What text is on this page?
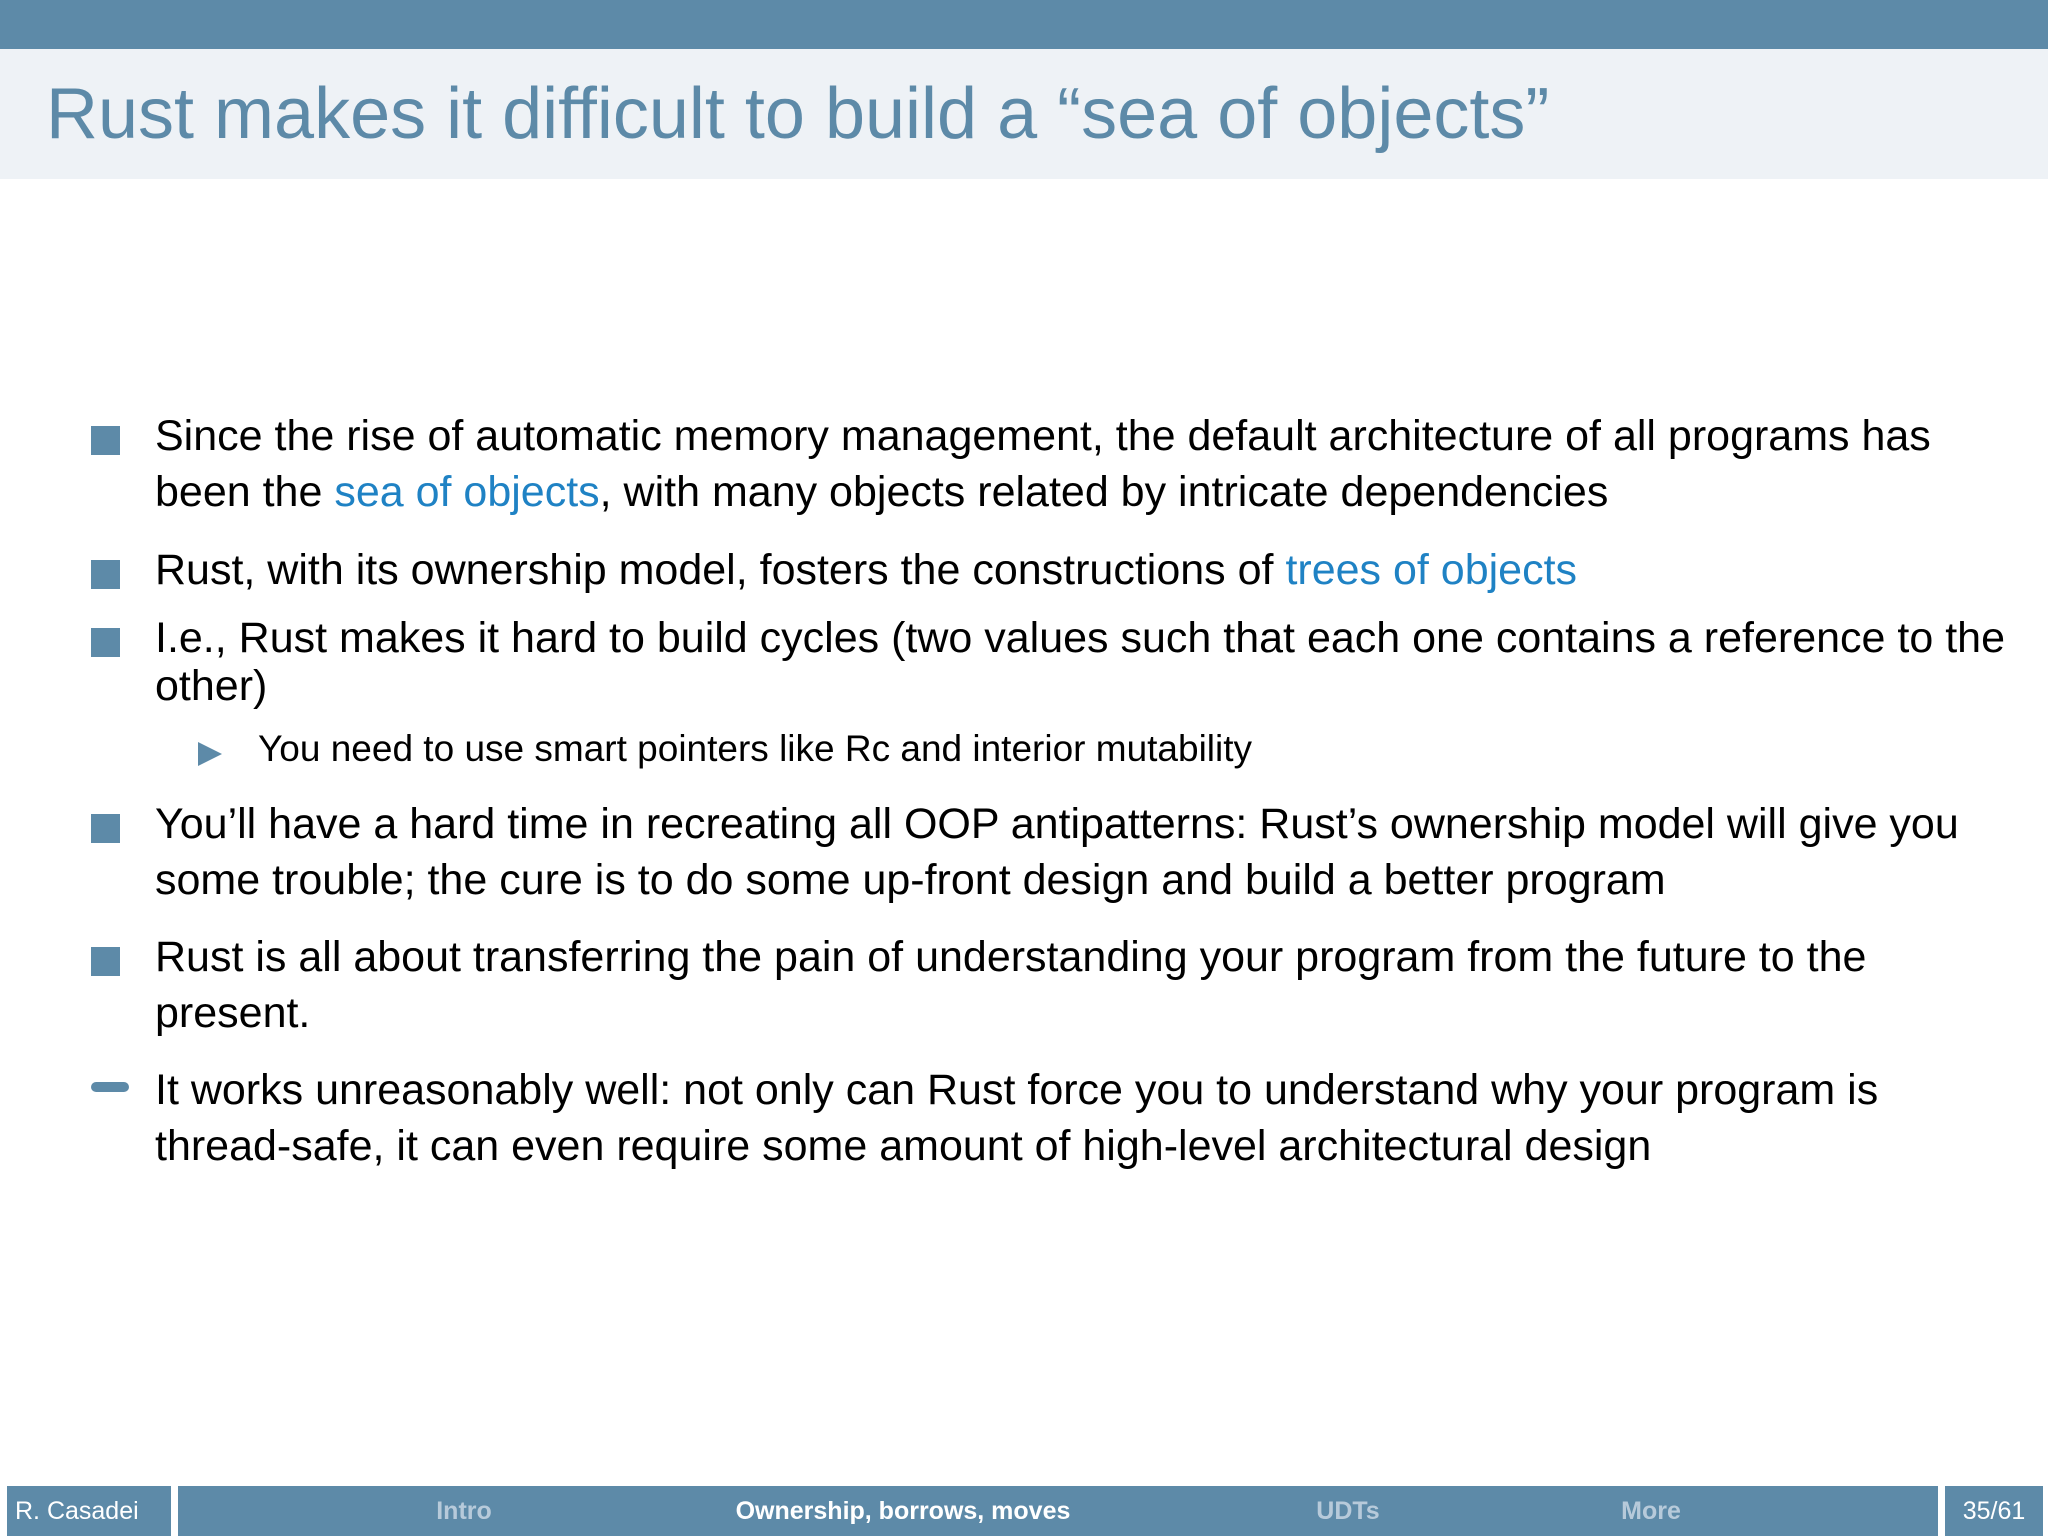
Rust makes it difficult to build a “sea of objects”
Since the rise of automatic memory management, the default architecture of all programs has been the sea of objects, with many objects related by intricate dependencies
Rust, with its ownership model, fosters the constructions of trees of objects
I.e., Rust makes it hard to build cycles (two values such that each one contains a reference to the other)
You need to use smart pointers like Rc and interior mutability
You’ll have a hard time in recreating all OOP antipatterns: Rust’s ownership model will give you some trouble; the cure is to do some up-front design and build a better program
Rust is all about transferring the pain of understanding your program from the future to the present.
It works unreasonably well: not only can Rust force you to understand why your program is thread-safe, it can even require some amount of high-level architectural design
R. Casadei	Intro	Ownership, borrows, moves	UDTs	More	35/61
